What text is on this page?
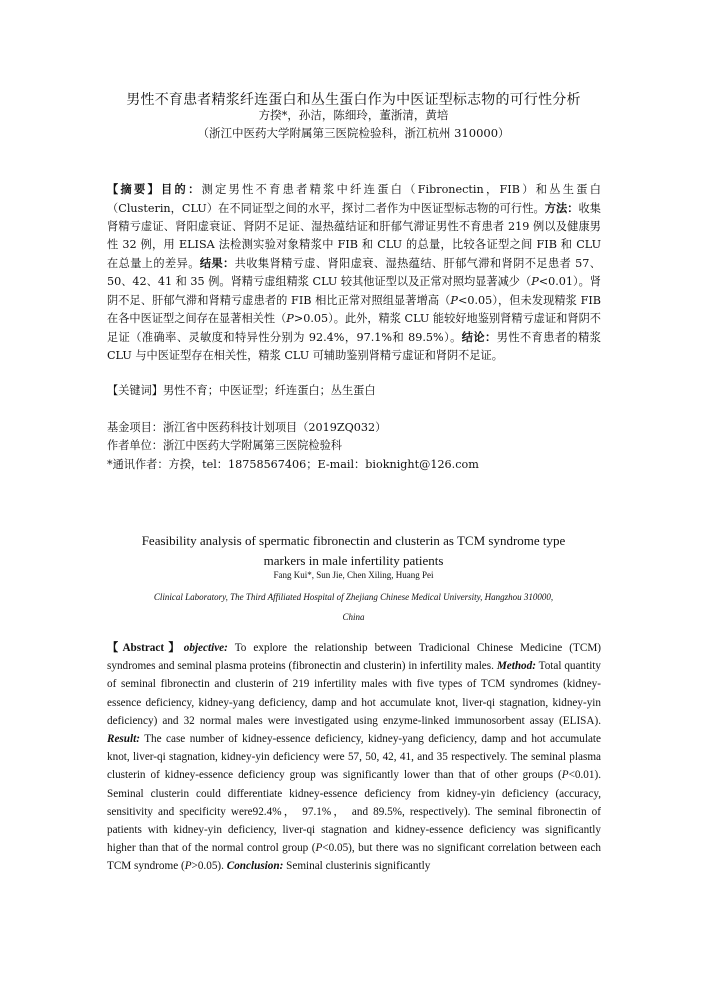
男性不育患者精浆纤连蛋白和丛生蛋白作为中医证型标志物的可行性分析
方揆*，孙洁，陈细玲，董浙清，黄培
（浙江中医药大学附属第三医院检验科，浙江杭州 310000）
【摘要】目的：测定男性不育患者精浆中纤连蛋白（Fibronectin，FIB）和丛生蛋白（Clusterin，CLU）在不同证型之间的水平，探讨二者作为中医证型标志物的可行性。方法：收集肾精亏虚证、肾阳虚衰证、肾阴不足证、湿热蕴结证和肝郁气滞证男性不育患者 219 例以及健康男性 32 例，用 ELISA 法检测实验对象精浆中 FIB 和 CLU 的总量，比较各证型之间 FIB 和 CLU 在总量上的差异。结果：共收集肾精亏虚、肾阳虚衰、湿热蕴结、肝郁气滞和肾阴不足患者 57、50、42、41 和 35 例。肾精亏虚组精浆 CLU 较其他证型以及正常对照均显著减少（P<0.01）。肾阴不足、肝郁气滞和肾精亏虚患者的 FIB 相比正常对照组显著增高（P<0.05），但未发现精浆 FIB 在各中医证型之间存在显著相关性（P>0.05）。此外，精浆 CLU 能较好地鉴别肾精亏虚证和肾阴不足证（准确率、灵敏度和特异性分别为 92.4%，97.1%和 89.5%）。结论：男性不育患者的精浆 CLU 与中医证型存在相关性，精浆 CLU 可辅助鉴别肾精亏虚证和肾阴不足证。
【关键词】男性不育；中医证型；纤连蛋白；丛生蛋白

基金项目：浙江省中医药科技计划项目（2019ZQ032）

作者单位：浙江中医药大学附属第三医院检验科

*通讯作者：方揆，tel：18758567406；E-mail：bioknight@126.com

Feasibility analysis of spermatic fibronectin and clusterin as TCM syndrome type
markers in male infertility patients
Fang Kui*, Sun Jie, Chen Xiling, Huang Pei
Clinical Laboratory, The Third Affiliated Hospital of Zhejiang Chinese Medical University, Hangzhou 310000,
China
【Abstract】objective: To explore the relationship between Tradicional Chinese Medicine (TCM) syndromes and seminal plasma proteins (fibronectin and clusterin) in infertility males. Method: Total quantity of seminal fibronectin and clusterin of 219 infertility males with five types of TCM syndromes (kidney-essence deficiency, kidney-yang deficiency, damp and hot accumulate knot, liver-qi stagnation, kidney-yin deficiency) and 32 normal males were investigated using enzyme-linked immunosorbent assay (ELISA). Result: The case number of kidney-essence deficiency, kidney-yang deficiency, damp and hot accumulate knot, liver-qi stagnation, kidney-yin deficiency were 57, 50, 42, 41, and 35 respectively. The seminal plasma clusterin of kidney-essence deficiency group was significantly lower than that of other groups (P<0.01). Seminal clusterin could differentiate kidney-essence deficiency from kidney-yin deficiency (accuracy, sensitivity and specificity were92.4%， 97.1%， and 89.5%, respectively). The seminal fibronectin of patients with kidney-yin deficiency, liver-qi stagnation and kidney-essence deficiency was significantly higher than that of the normal control group (P<0.05), but there was no significant correlation between each TCM syndrome (P>0.05). Conclusion: Seminal clusterinis significantly
